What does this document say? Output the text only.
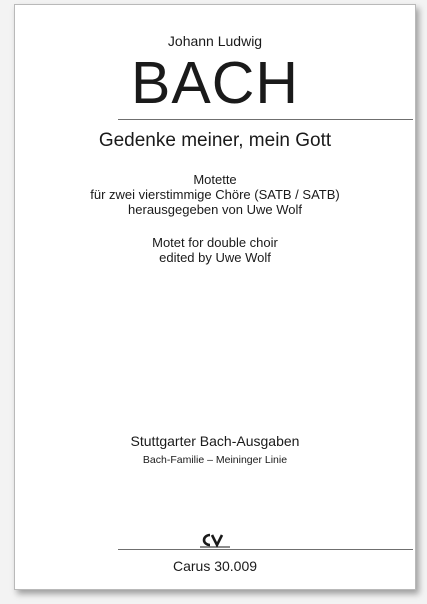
Johann Ludwig
BACH
Gedenke meiner, mein Gott
Motette
für zwei vierstimmige Chöre (SATB / SATB)
herausgegeben von Uwe Wolf
Motet for double choir
edited by Uwe Wolf
Stuttgarter Bach-Ausgaben
Bach-Familie – Meininger Linie
Carus 30.009
